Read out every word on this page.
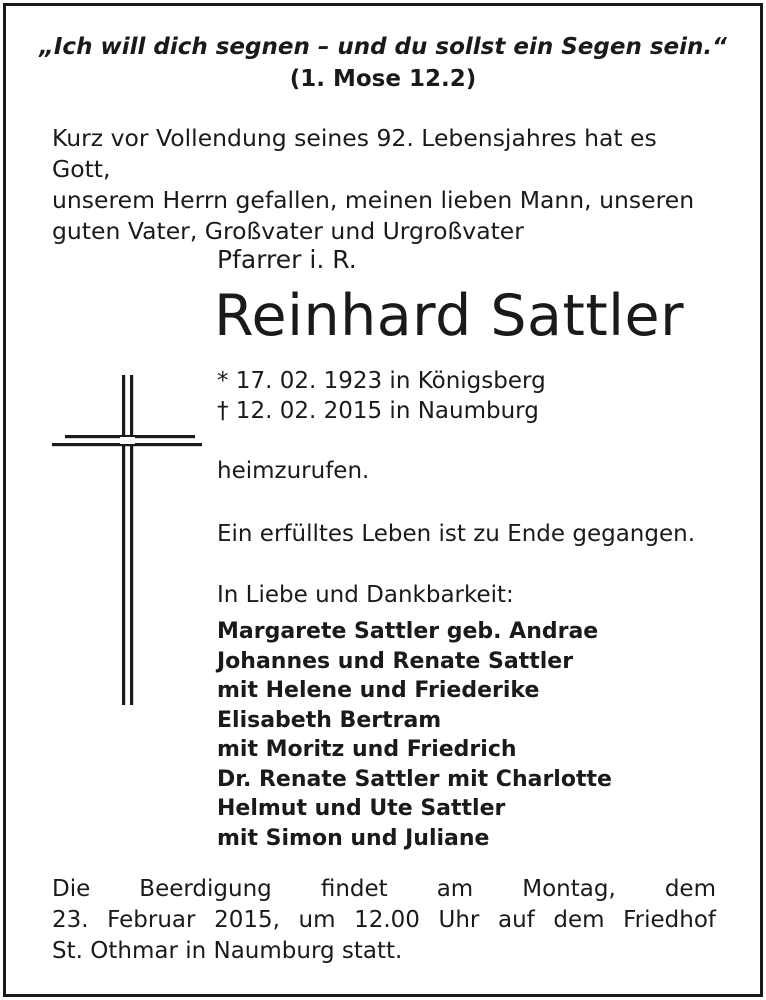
„Ich will dich segnen – und du sollst ein Segen sein.“
(1. Mose 12.2)
Kurz vor Vollendung seines 92. Lebensjahres hat es Gott,
unserem Herrn gefallen, meinen lieben Mann, unseren
guten Vater, Großvater und Urgroßvater
Pfarrer i. R.
Reinhard Sattler
* 17. 02. 1923 in Königsberg
† 12. 02. 2015 in Naumburg
heimzurufen.
Ein erfülltes Leben ist zu Ende gegangen.
In Liebe und Dankbarkeit:
Margarete Sattler geb. Andrae
Johannes und Renate Sattler
mit Helene und Friederike
Elisabeth Bertram
mit Moritz und Friedrich
Dr. Renate Sattler mit Charlotte
Helmut und Ute Sattler
mit Simon und Juliane
Die Beerdigung findet am Montag, dem
23. Februar 2015, um 12.00 Uhr auf dem Friedhof
St. Othmar in Naumburg statt.
